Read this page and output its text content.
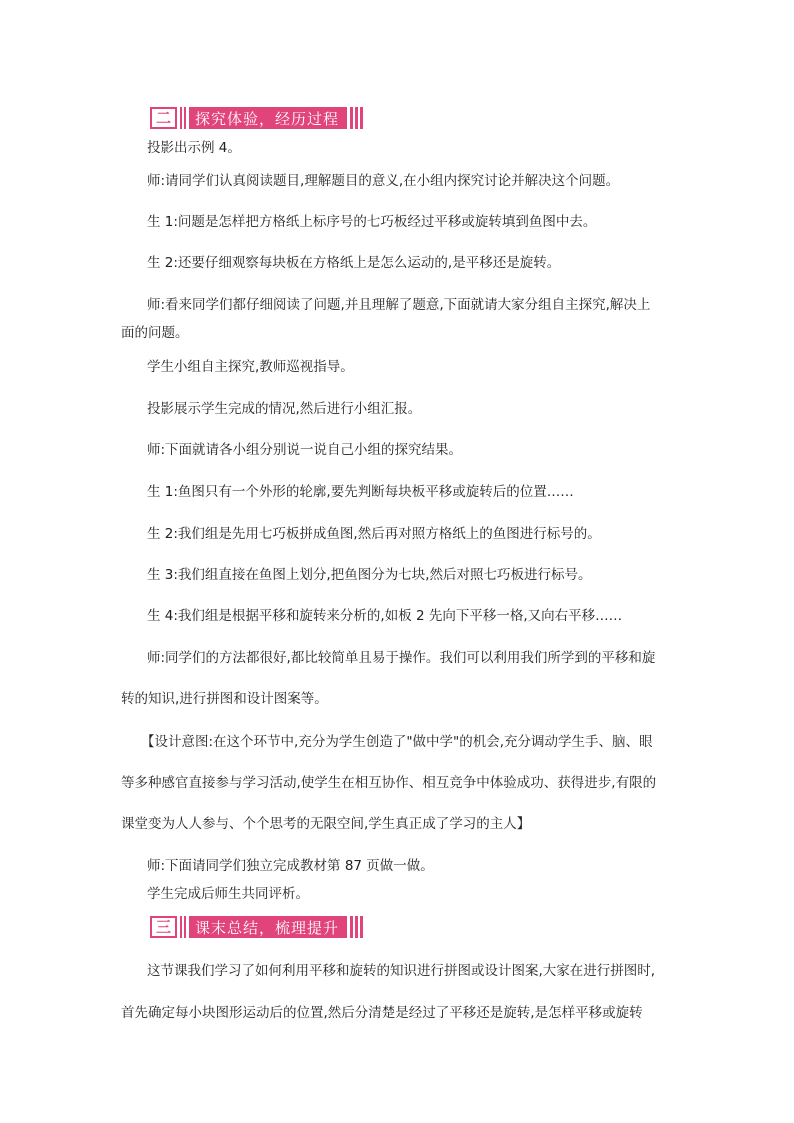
二	探究体验，经历过程
投影出示例 4。
师:请同学们认真阅读题目,理解题目的意义,在小组内探究讨论并解决这个问题。
生 1:问题是怎样把方格纸上标序号的七巧板经过平移或旋转填到鱼图中去。
生 2:还要仔细观察每块板在方格纸上是怎么运动的,是平移还是旋转。
师:看来同学们都仔细阅读了问题,并且理解了题意,下面就请大家分组自主探究,解决上
面的问题。
学生小组自主探究,教师巡视指导。
投影展示学生完成的情况,然后进行小组汇报。
师:下面就请各小组分别说一说自己小组的探究结果。
生 1:鱼图只有一个外形的轮廓,要先判断每块板平移或旋转后的位置……
生 2:我们组是先用七巧板拼成鱼图,然后再对照方格纸上的鱼图进行标号的。
生 3:我们组直接在鱼图上划分,把鱼图分为七块,然后对照七巧板进行标号。
生 4:我们组是根据平移和旋转来分析的,如板 2 先向下平移一格,又向右平移……
师:同学们的方法都很好,都比较简单且易于操作。我们可以利用我们所学到的平移和旋
转的知识,进行拼图和设计图案等。
【设计意图:在这个环节中,充分为学生创造了"做中学"的机会,充分调动学生手、脑、眼
等多种感官直接参与学习活动,使学生在相互协作、相互竞争中体验成功、获得进步,有限的
课堂变为人人参与、个个思考的无限空间,学生真正成了学习的主人】
师:下面请同学们独立完成教材第 87 页做一做。
学生完成后师生共同评析。
三	课末总结，梳理提升
这节课我们学习了如何利用平移和旋转的知识进行拼图或设计图案,大家在进行拼图时,
首先确定每小块图形运动后的位置,然后分清楚是经过了平移还是旋转,是怎样平移或旋转
